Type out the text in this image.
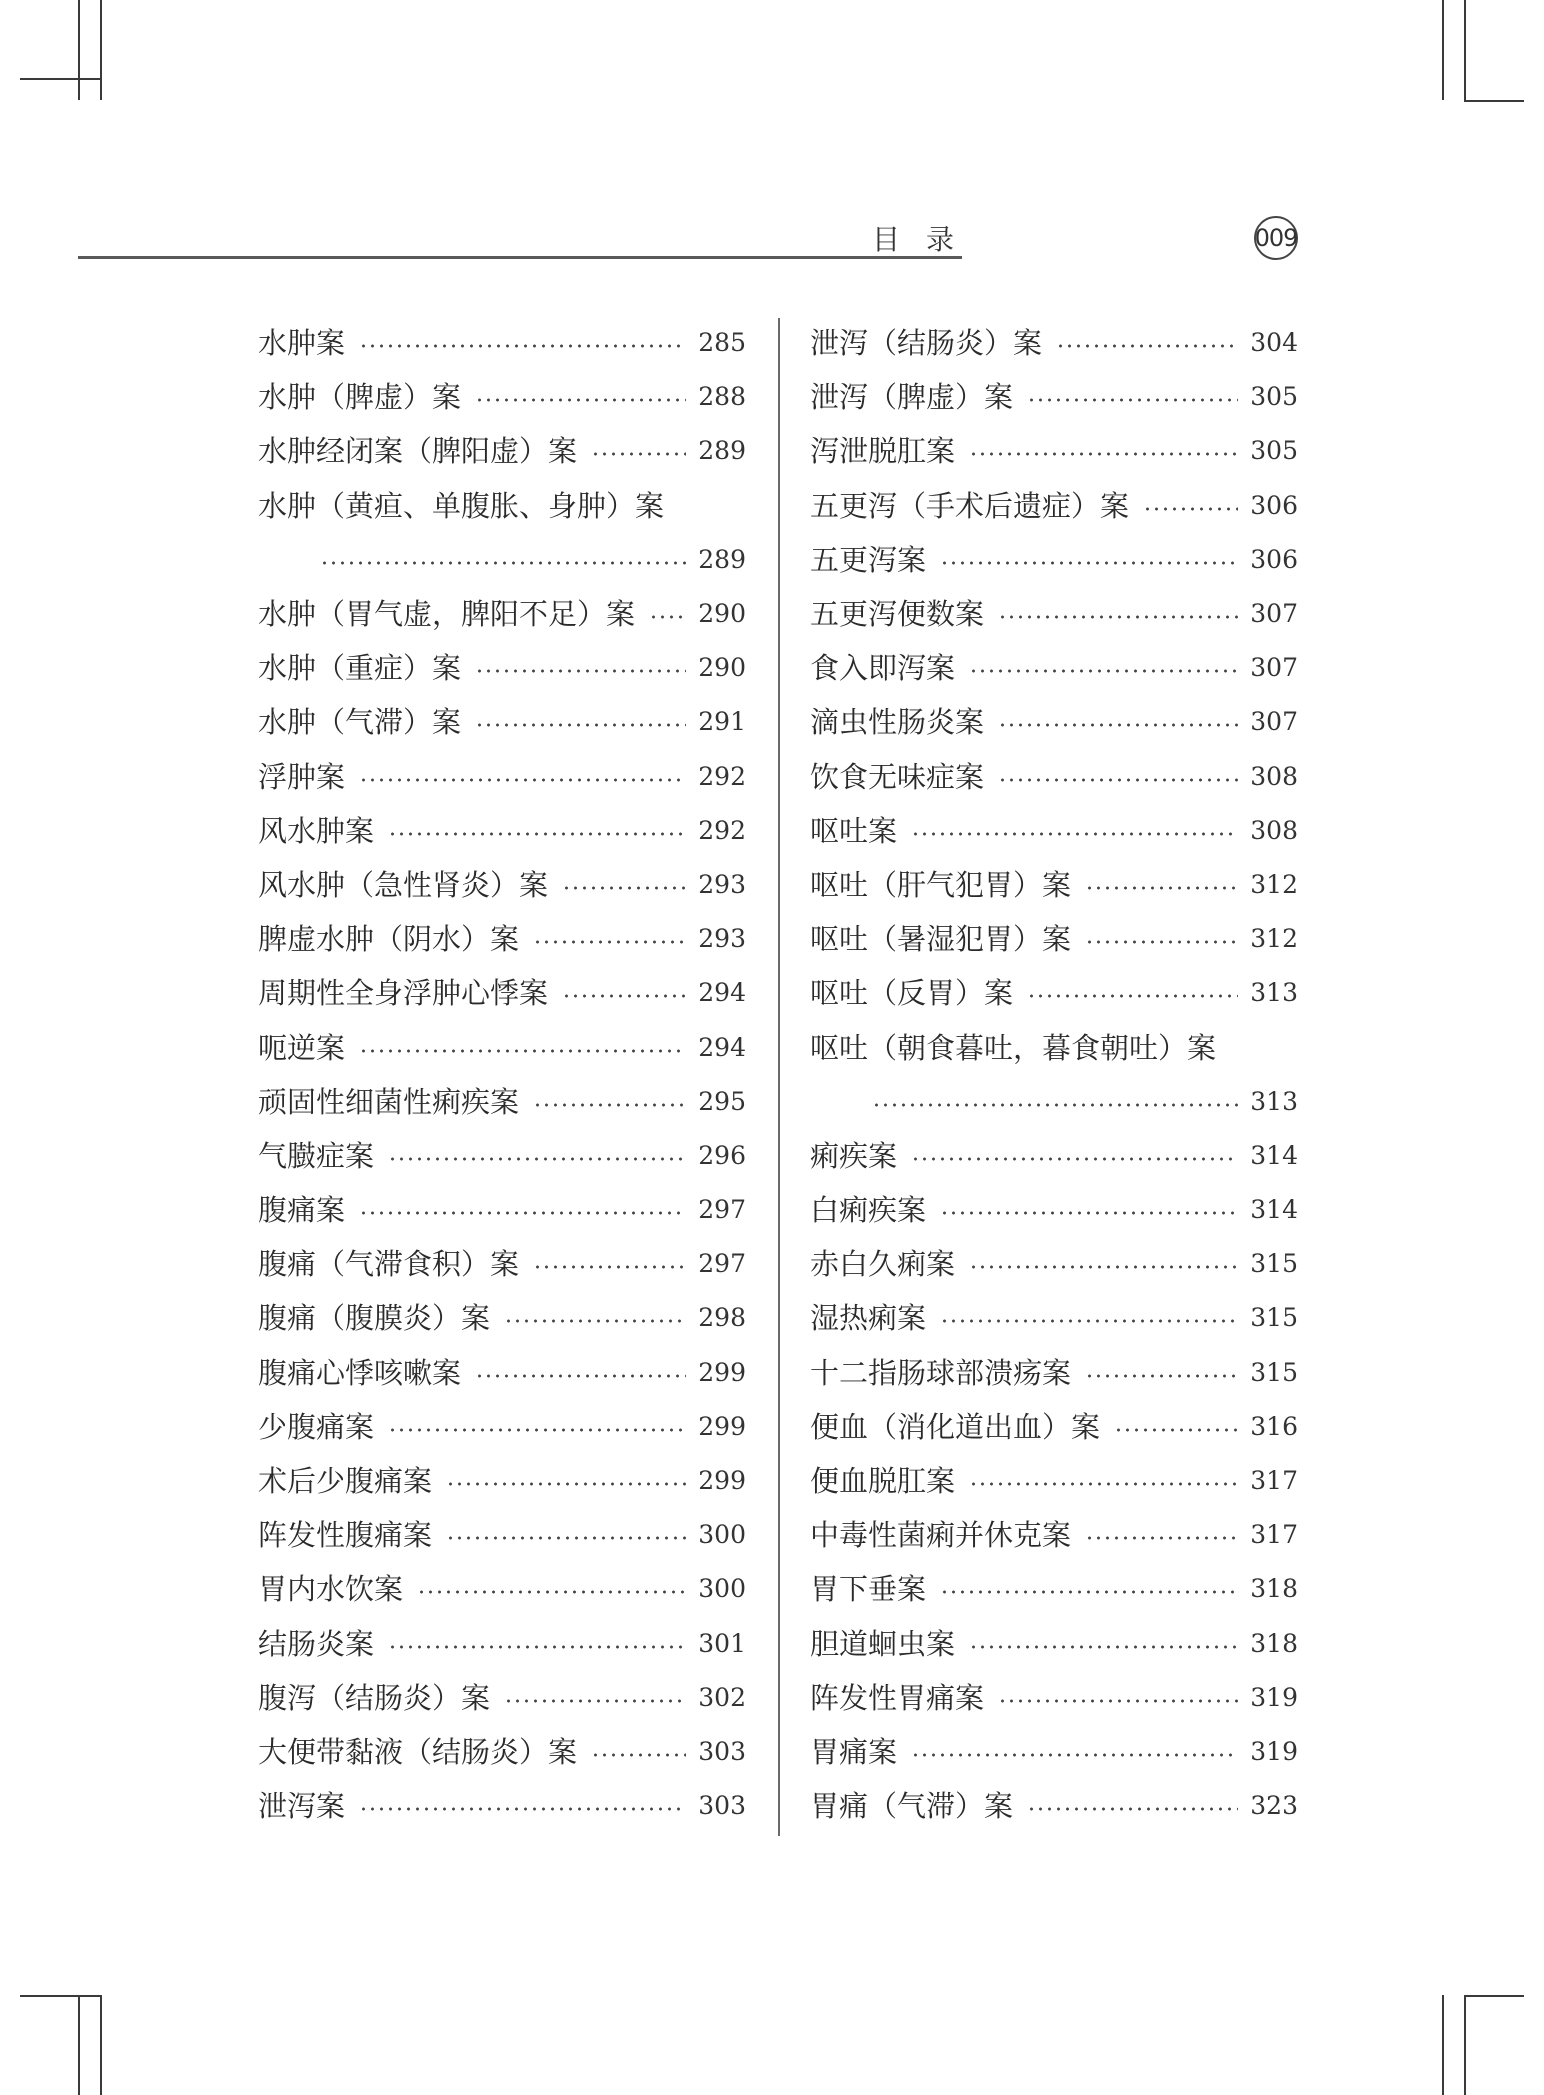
目录	009
水肿案	285
水肿（脾虚）案	288
水肿经闭案（脾阳虚）案	289
水肿（黄疸、单腹胀、身肿）案
289
水肿（胃气虚，脾阳不足）案	290
水肿（重症）案	290
水肿（气滞）案	291
浮肿案	292
风水肿案	292
风水肿（急性肾炎）案	293
脾虚水肿（阴水）案	293
周期性全身浮肿心悸案	294
呃逆案	294
顽固性细菌性痢疾案	295
气臌症案	296
腹痛案	297
腹痛（气滞食积）案	297
腹痛（腹膜炎）案	298
腹痛心悸咳嗽案	299
少腹痛案	299
术后少腹痛案	299
阵发性腹痛案	300
胃内水饮案	300
结肠炎案	301
腹泻（结肠炎）案	302
大便带黏液（结肠炎）案	303
泄泻案	303
泄泻（结肠炎）案	304
泄泻（脾虚）案	305
泻泄脱肛案	305
五更泻（手术后遗症）案	306
五更泻案	306
五更泻便数案	307
食入即泻案	307
滴虫性肠炎案	307
饮食无味症案	308
呕吐案	308
呕吐（肝气犯胃）案	312
呕吐（暑湿犯胃）案	312
呕吐（反胃）案	313
呕吐（朝食暮吐，暮食朝吐）案
313
痢疾案	314
白痢疾案	314
赤白久痢案	315
湿热痢案	315
十二指肠球部溃疡案	315
便血（消化道出血）案	316
便血脱肛案	317
中毒性菌痢并休克案	317
胃下垂案	318
胆道蛔虫案	318
阵发性胃痛案	319
胃痛案	319
胃痛（气滞）案	323
